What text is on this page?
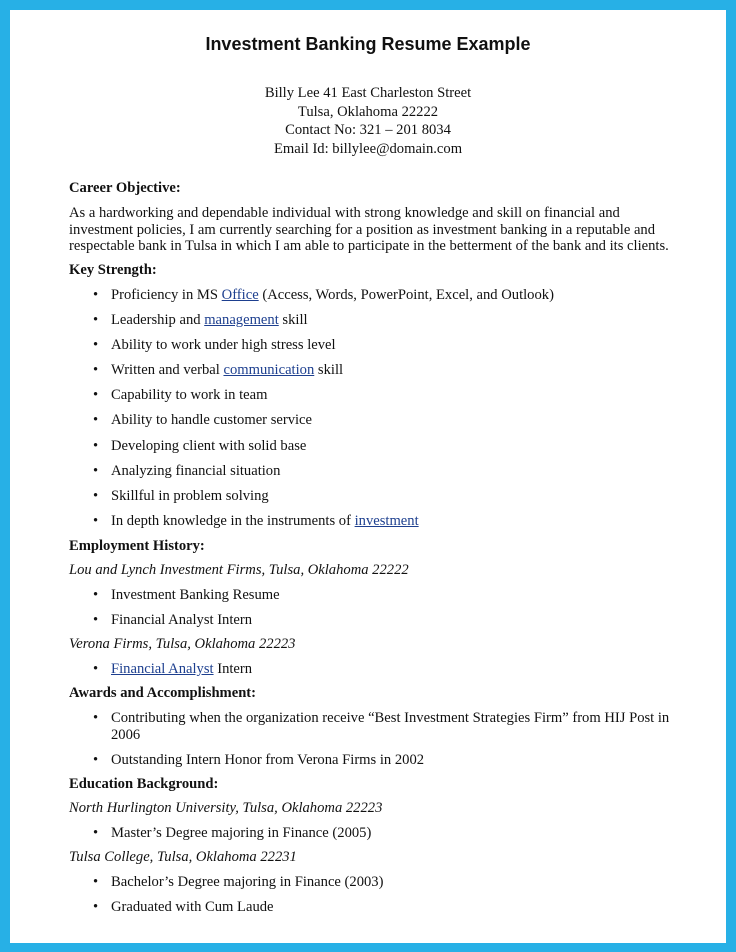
Investment Banking Resume Example
Billy Lee 41 East Charleston Street
Tulsa, Oklahoma 22222
Contact No: 321 – 201 8034
Email Id: billylee@domain.com
Career Objective:
As a hardworking and dependable individual with strong knowledge and skill on financial and
investment policies, I am currently searching for a position as investment banking in a reputable and
respectable bank in Tulsa in which I am able to participate in the betterment of the bank and its clients.
Key Strength:
• Proficiency in MS Office (Access, Words, PowerPoint, Excel, and Outlook)
• Leadership and management skill
• Ability to work under high stress level
• Written and verbal communication skill
• Capability to work in team
• Ability to handle customer service
• Developing client with solid base
• Analyzing financial situation
• Skillful in problem solving
• In depth knowledge in the instruments of investment
Employment History:
Lou and Lynch Investment Firms, Tulsa, Oklahoma 22222
• Investment Banking Resume
• Financial Analyst Intern
Verona Firms, Tulsa, Oklahoma 22223
• Financial Analyst Intern
Awards and Accomplishment:
• Contributing when the organization receive “Best Investment Strategies Firm” from HIJ Post in 2006
• Outstanding Intern Honor from Verona Firms in 2002
Education Background:
North Hurlington University, Tulsa, Oklahoma 22223
• Master’s Degree majoring in Finance (2005)
Tulsa College, Tulsa, Oklahoma 22231
• Bachelor’s Degree majoring in Finance (2003)
• Graduated with Cum Laude
